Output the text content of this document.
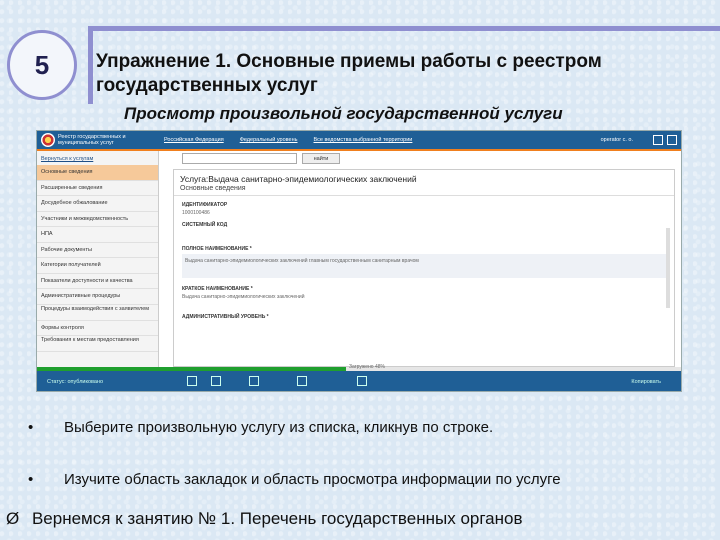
5	Упражнение 1. Основные приемы работы с реестром государственных услуг
Просмотр произвольной государственной услуги
Реестр государственных и муниципальных услуг	Российская Федерация	Федеральный уровень	Все ведомства выбранной территории	operator с. о.
Вернуться к услугам
Основные сведения
Расширенные сведения
Досудебное обжалование
Участники и межведомственность
НПА
Рабочие документы
Категории получателей
Показатели доступности и качества
Административные процедуры
Процедуры взаимодействия с заявителем
Формы контроля
Требования к местам предоставления
найти
Услуга:Выдача санитарно-эпидемиологических заключений
Основные сведения
ИДЕНТИФИКАТОР
1000100486
СИСТЕМНЫЙ КОД
ПОЛНОЕ НАИМЕНОВАНИЕ *
Выдача санитарно-эпидемиологических заключений главным государственным санитарным врачом
КРАТКОЕ НАИМЕНОВАНИЕ *
Выдача санитарно-эпидемиологических заключений
АДМИНИСТРАТИВНЫЙ УРОВЕНЬ *
Загружено 48%
Статус: опубликовано	Копировать
• Выберите произвольную услугу из списка, кликнув по строке.
• Изучите область закладок и область просмотра информации по услуге
Ø Вернемся к занятию № 1. Перечень государственных органов
